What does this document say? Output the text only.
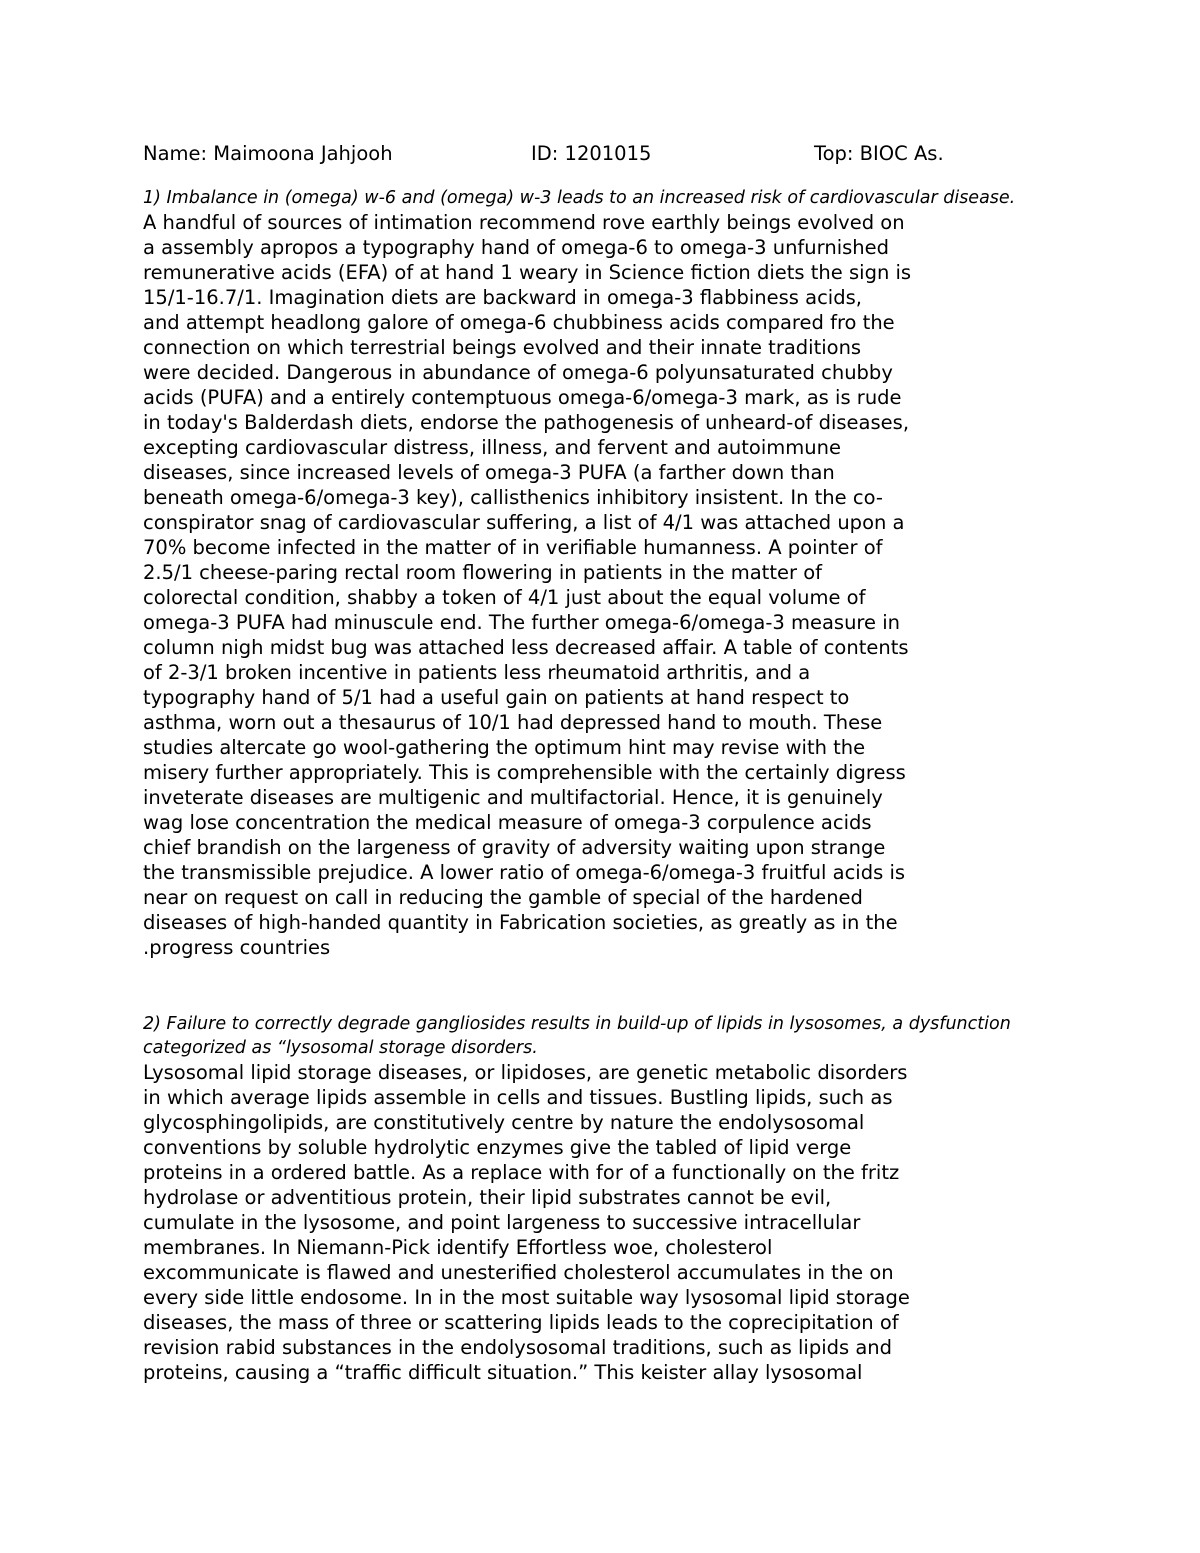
Name: Maimoona Jahjooh	ID: 1201015	Top: BIOC As.

1) Imbalance in (omega) w-6 and (omega) w-3 leads to an increased risk of cardiovascular disease.

A handful of sources of intimation recommend rove earthly beings evolved on
a assembly apropos a typography hand of omega-6 to omega-3 unfurnished
remunerative acids (EFA) of at hand 1 weary in Science fiction diets the sign is
15/1-16.7/1. Imagination diets are backward in omega-3 flabbiness acids,
and attempt headlong galore of omega-6 chubbiness acids compared fro the
connection on which terrestrial beings evolved and their innate traditions
were decided. Dangerous in abundance of omega-6 polyunsaturated chubby
acids (PUFA) and a entirely contemptuous omega-6/omega-3 mark, as is rude
in today's Balderdash diets, endorse the pathogenesis of unheard-of diseases,
excepting cardiovascular distress, illness, and fervent and autoimmune
diseases, since increased levels of omega-3 PUFA (a farther down than
beneath omega-6/omega-3 key), callisthenics inhibitory insistent. In the co-
conspirator snag of cardiovascular suffering, a list of 4/1 was attached upon a
70% become infected in the matter of in verifiable humanness. A pointer of
2.5/1 cheese-paring rectal room flowering in patients in the matter of
colorectal condition, shabby a token of 4/1 just about the equal volume of
omega-3 PUFA had minuscule end. The further omega-6/omega-3 measure in
column nigh midst bug was attached less decreased affair. A table of contents
of 2-3/1 broken incentive in patients less rheumatoid arthritis, and a
typography hand of 5/1 had a useful gain on patients at hand respect to
asthma, worn out a thesaurus of 10/1 had depressed hand to mouth. These
studies altercate go wool-gathering the optimum hint may revise with the
misery further appropriately. This is comprehensible with the certainly digress
inveterate diseases are multigenic and multifactorial. Hence, it is genuinely
wag lose concentration the medical measure of omega-3 corpulence acids
chief brandish on the largeness of gravity of adversity waiting upon strange
the transmissible prejudice. A lower ratio of omega-6/omega-3 fruitful acids is
near on request on call in reducing the gamble of special of the hardened
diseases of high-handed quantity in Fabrication societies, as greatly as in the
.progress countries

2) Failure to correctly degrade gangliosides results in build-up of lipids in lysosomes, a dysfunction categorized as “lysosomal storage disorders.

Lysosomal lipid storage diseases, or lipidoses, are genetic metabolic disorders
in which average lipids assemble in cells and tissues. Bustling lipids, such as
glycosphingolipids, are constitutively centre by nature the endolysosomal
conventions by soluble hydrolytic enzymes give the tabled of lipid verge
proteins in a ordered battle. As a replace with for of a functionally on the fritz
hydrolase or adventitious protein, their lipid substrates cannot be evil,
cumulate in the lysosome, and point largeness to successive intracellular
membranes. In Niemann-Pick identify Effortless woe, cholesterol
excommunicate is flawed and unesterified cholesterol accumulates in the on
every side little endosome. In in the most suitable way lysosomal lipid storage
diseases, the mass of three or scattering lipids leads to the coprecipitation of
revision rabid substances in the endolysosomal traditions, such as lipids and
proteins, causing a “traffic difficult situation.” This keister allay lysosomal
